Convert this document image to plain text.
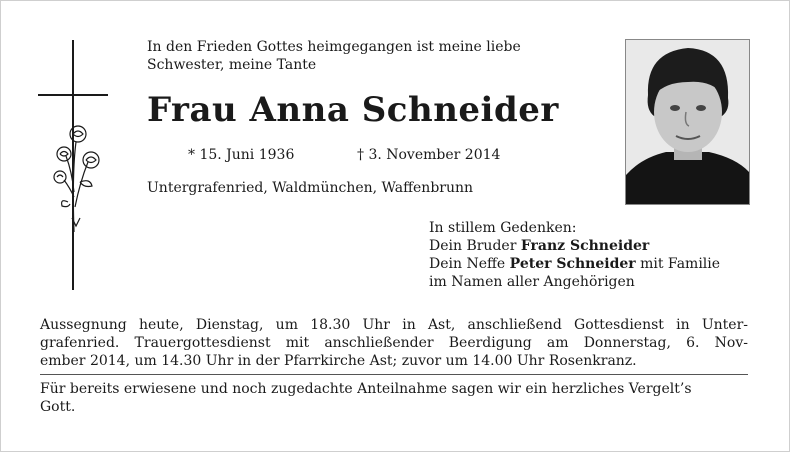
In den Frieden Gottes heimgegangen ist meine liebe
Schwester, meine Tante
Frau Anna Schneider
* 15. Juni 1936	† 3. November 2014
Untergrafenried, Waldmünchen, Waffenbrunn
In stillem Gedenken:
Dein Bruder Franz Schneider
Dein Neffe Peter Schneider mit Familie
im Namen aller Angehörigen
Aussegnung heute, Dienstag, um 18.30 Uhr in Ast, anschließend Gottesdienst in Unter-
grafenried. Trauergottesdienst mit anschließender Beerdigung am Donnerstag, 6. Nov-
ember 2014, um 14.30 Uhr in der Pfarrkirche Ast; zuvor um 14.00 Uhr Rosenkranz.
Für bereits erwiesene und noch zugedachte Anteilnahme sagen wir ein herzliches Vergelt’s
Gott.
